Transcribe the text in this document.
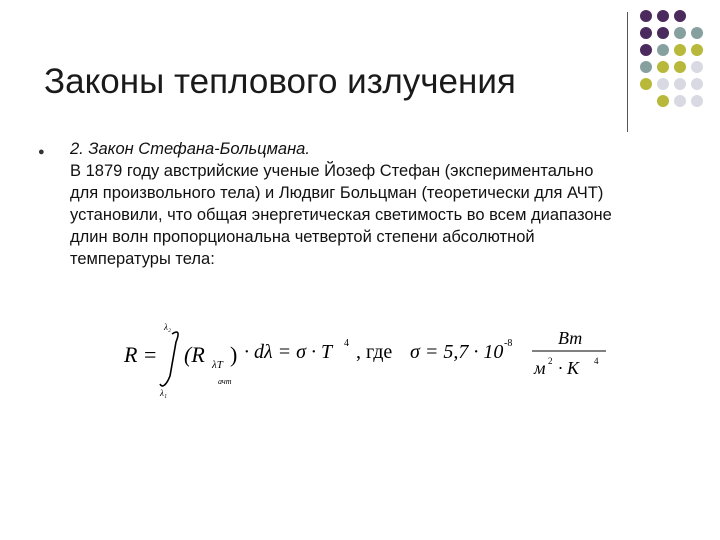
Законы теплового излучения
● 2. Закон Стефана-Больцмана.
В 1879 году австрийские ученые Йозеф Стефан (экспериментально
для произвольного тела) и Людвиг Больцман (теоретически для АЧТ)
установили, что общая энергетическая светимость во всем диапазоне
длин волн пропорциональна четвертой степени абсолютной
температуры тела:
R =
λ₂
λ₁
(R λT )
ачт
· dλ = σ · T 4 , где σ = 5,7 · 10 -8	Вт
м 2 · К 4
